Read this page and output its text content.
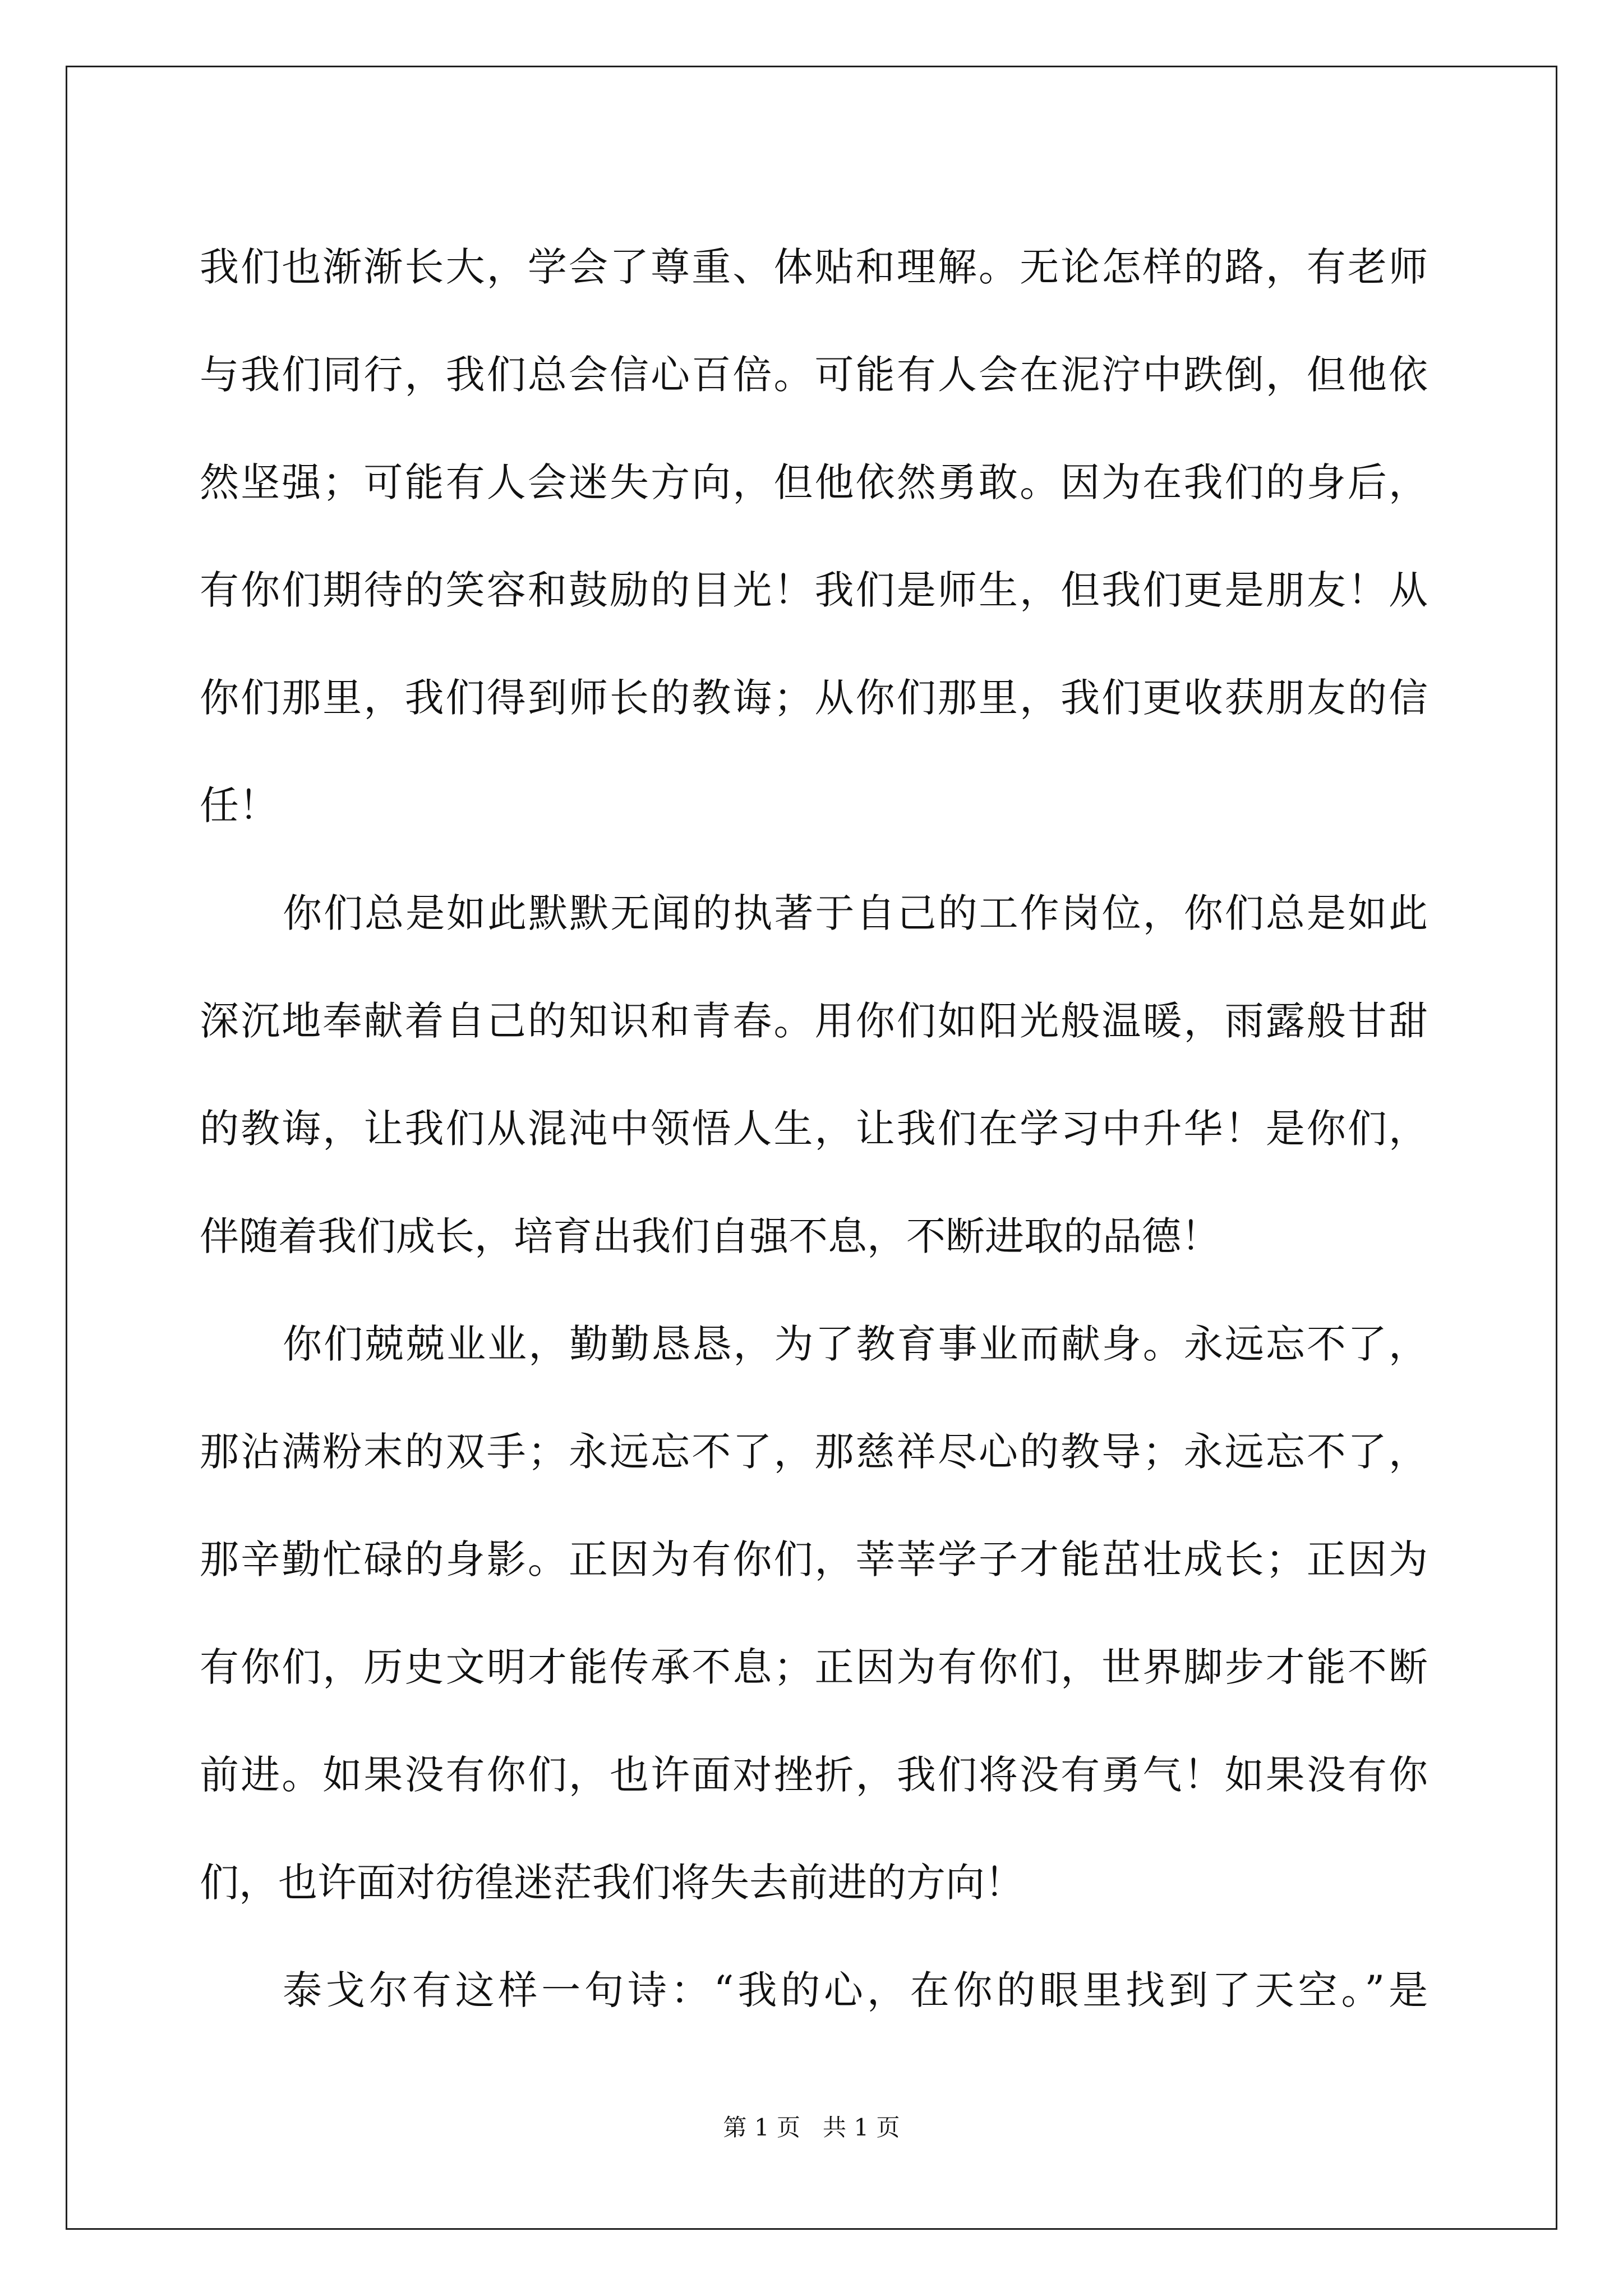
我们也渐渐长大，学会了尊重、体贴和理解。无论怎样的路，有老师
与我们同行，我们总会信心百倍。可能有人会在泥泞中跌倒，但他依
然坚强；可能有人会迷失方向，但他依然勇敢。因为在我们的身后，
有你们期待的笑容和鼓励的目光！我们是师生，但我们更是朋友！从
你们那里，我们得到师长的教诲；从你们那里，我们更收获朋友的信
任！

你们总是如此默默无闻的执著于自己的工作岗位，你们总是如此
深沉地奉献着自己的知识和青春。用你们如阳光般温暖，雨露般甘甜
的教诲，让我们从混沌中领悟人生，让我们在学习中升华！是你们，
伴随着我们成长，培育出我们自强不息，不断进取的品德！

你们兢兢业业，勤勤恳恳，为了教育事业而献身。永远忘不了，
那沾满粉末的双手；永远忘不了，那慈祥尽心的教导；永远忘不了，
那辛勤忙碌的身影。正因为有你们，莘莘学子才能茁壮成长；正因为
有你们，历史文明才能传承不息；正因为有你们，世界脚步才能不断
前进。如果没有你们，也许面对挫折，我们将没有勇气！如果没有你
们，也许面对彷徨迷茫我们将失去前进的方向！

泰戈尔有这样一句诗：“我的心，在你的眼里找到了天空。”是

第 1 页   共 1 页
